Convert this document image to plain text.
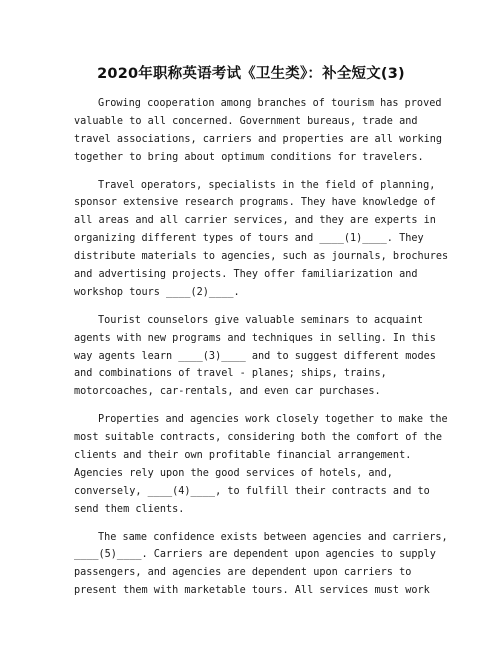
2020年职称英语考试《卫生类》：补全短文(3)
Growing cooperation among branches of tourism has proved
valuable to all concerned. Government bureaus, trade and
travel associations, carriers and properties are all working
together to bring about optimum conditions for travelers.
Travel operators, specialists in the field of planning,
sponsor extensive research programs. They have knowledge of
all areas and all carrier services, and they are experts in
organizing different types of tours and ____(1)____. They
distribute materials to agencies, such as journals, brochures
and advertising projects. They offer familiarization and
workshop tours ____(2)____.
Tourist counselors give valuable seminars to acquaint
agents with new programs and techniques in selling. In this
way agents learn ____(3)____ and to suggest different modes
and combinations of travel - planes; ships, trains,
motorcoaches, car-rentals, and even car purchases.
Properties and agencies work closely together to make the
most suitable contracts, considering both the comfort of the
clients and their own profitable financial arrangement.
Agencies rely upon the good services of hotels, and,
conversely, ____(4)____, to fulfill their contracts and to
send them clients.
The same confidence exists between agencies and carriers,
____(5)____. Carriers are dependent upon agencies to supply
passengers, and agencies are dependent upon carriers to
present them with marketable tours. All services must work
